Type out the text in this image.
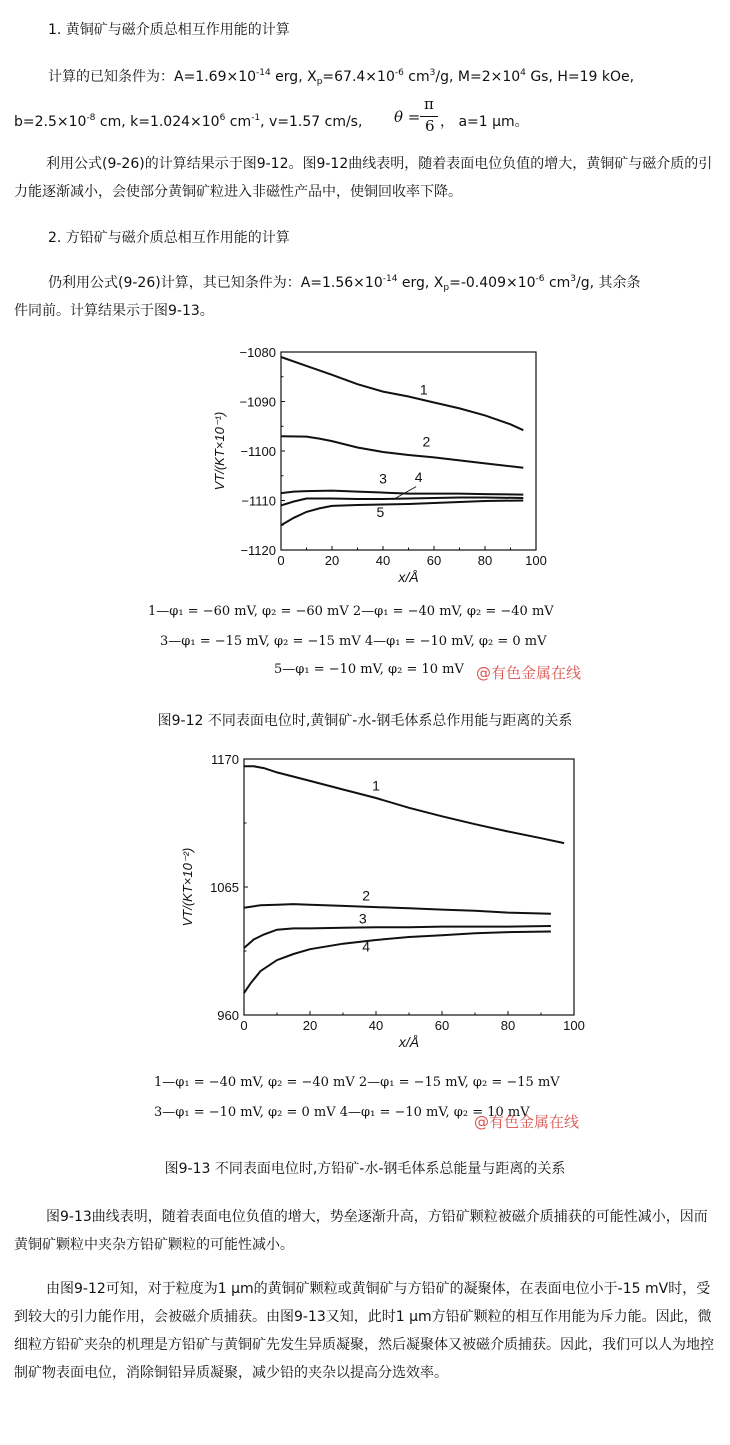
1. 黄铜矿与磁介质总相互作用能的计算
计算的已知条件为：$A=1.69\times 10^{-14}$ erg, $X_p=67.4\times 10^{-6}$ $cm^3/g$, $M=2\times 10^4$ Gs, H=19 kOe,
$b=2.5\times 10^{-8}$ cm, $k=1.024\times 10^6$ $cm^{-1}$, v=1.57 cm/s, θ =
π
6 ， a=1 μm。
利用公式(9-26)的计算结果示于图9-12。图9-12曲线表明，随着表面电位负值的增大，黄铜矿与磁介质的引力能逐渐减小，会使部分黄铜矿粒进入非磁性产品中，使铜回收率下降。
2. 方铅矿与磁介质总相互作用能的计算
仍利用公式(9-26)计算，其已知条件为：$A=1.56\times 10^{-14}$ erg, $X_p=-0.409\times 10^{-6}$ $cm^3/g$, 其余条
件同前。计算结果示于图9-13。
0	20	40	60	80	100
−1080
−1090
−1100
−1110
−1120
1
2
3 4
5
x/Å
VT/(KT×10⁻¹)
1—φ₁ = −60 mV, φ₂ = −60 mV 2—φ₁ = −40 mV, φ₂ = −40 mV
3—φ₁ = −15 mV, φ₂ = −15 mV 4—φ₁ = −10 mV, φ₂ = 0 mV
5—φ₁ = −10 mV, φ₂ = 10 mV @有色金属在线
图9-12 不同表面电位时,黄铜矿-水-钢毛体系总作用能与距离的关系
0	20	40	60	80	100
960
1065
1170
1
2
3
4
x/Å
VT/(KT×10⁻²)
1—φ₁ = −40 mV, φ₂ = −40 mV 2—φ₁ = −15 mV, φ₂ = −15 mV
3—φ₁ = −10 mV, φ₂ = 0 mV 4—φ₁ = −10 mV, φ₂ = 10 mV
@有色金属在线
图9-13 不同表面电位时,方铅矿-水-钢毛体系总能量与距离的关系
图9-13曲线表明，随着表面电位负值的增大，势垒逐渐升高，方铅矿颗粒被磁介质捕获的可能性减小，因而黄铜矿颗粒中夹杂方铅矿颗粒的可能性减小。
由图9-12可知，对于粒度为1 μm的黄铜矿颗粒或黄铜矿与方铅矿的凝聚体，在表面电位小于-15 mV时，受到较大的引力能作用，会被磁介质捕获。由图9-13又知，此时1 μm方铅矿颗粒的相互作用能为斥力能。因此，微细粒方铅矿夹杂的机理是方铅矿与黄铜矿先发生异质凝聚，然后凝聚体又被磁介质捕获。因此，我们可以人为地控制矿物表面电位，消除铜铅异质凝聚，减少铅的夹杂以提高分选效率。
